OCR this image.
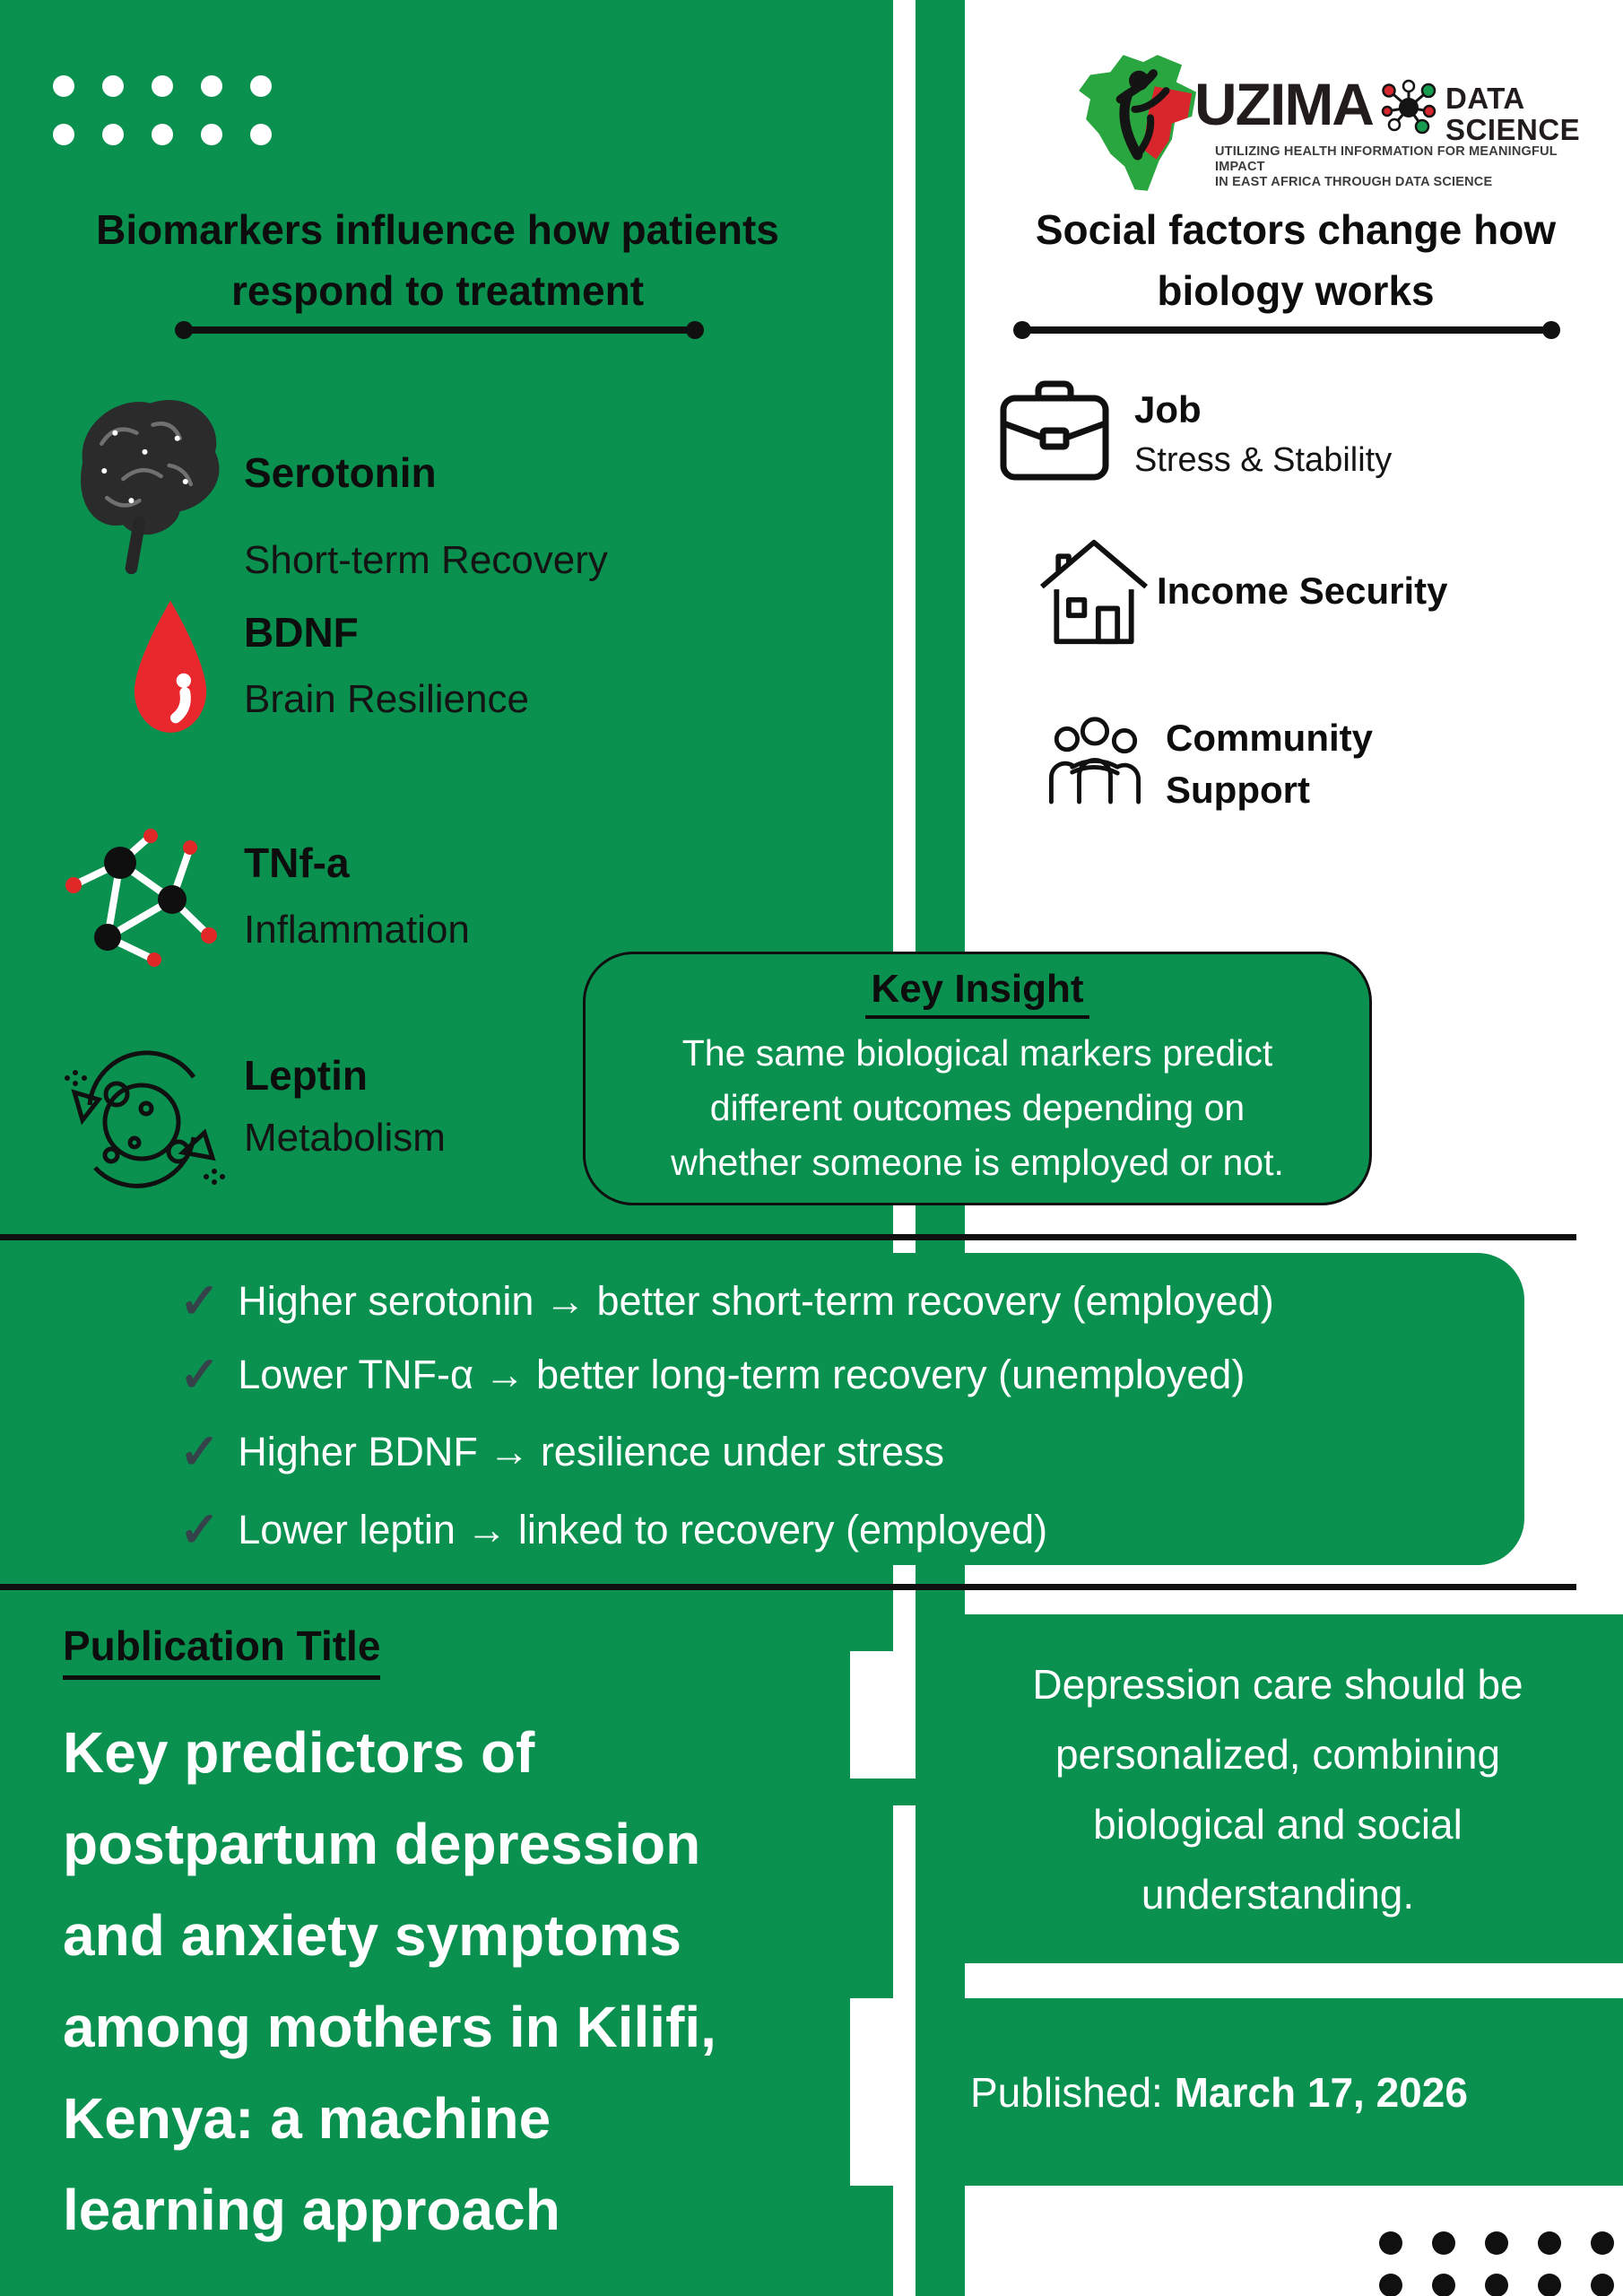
Biomarkers influence how patients
respond to treatment
UZIMA DATA
SCIENCE
UTILIZING HEALTH INFORMATION FOR MEANINGFUL IMPACT
IN EAST AFRICA THROUGH DATA SCIENCE
Social factors change how
biology works
Serotonin
Short-term Recovery
BDNF
Brain Resilience
TNf-a
Inflammation
Leptin
Metabolism
Job
Stress & Stability
Income Security
Community
Support
Key Insight
The same biological markers predict
different outcomes depending on
whether someone is employed or not.
✓ Higher serotonin → better short-term recovery (employed)
✓ Lower TNF-α → better long-term recovery (unemployed)
✓ Higher BDNF → resilience under stress
✓ Lower leptin → linked to recovery (employed)
Publication Title
Key predictors of
postpartum depression
and anxiety symptoms
among mothers in Kilifi,
Kenya: a machine
learning approach
Depression care should be
personalized, combining
biological and social
understanding.
Published: March 17, 2026
